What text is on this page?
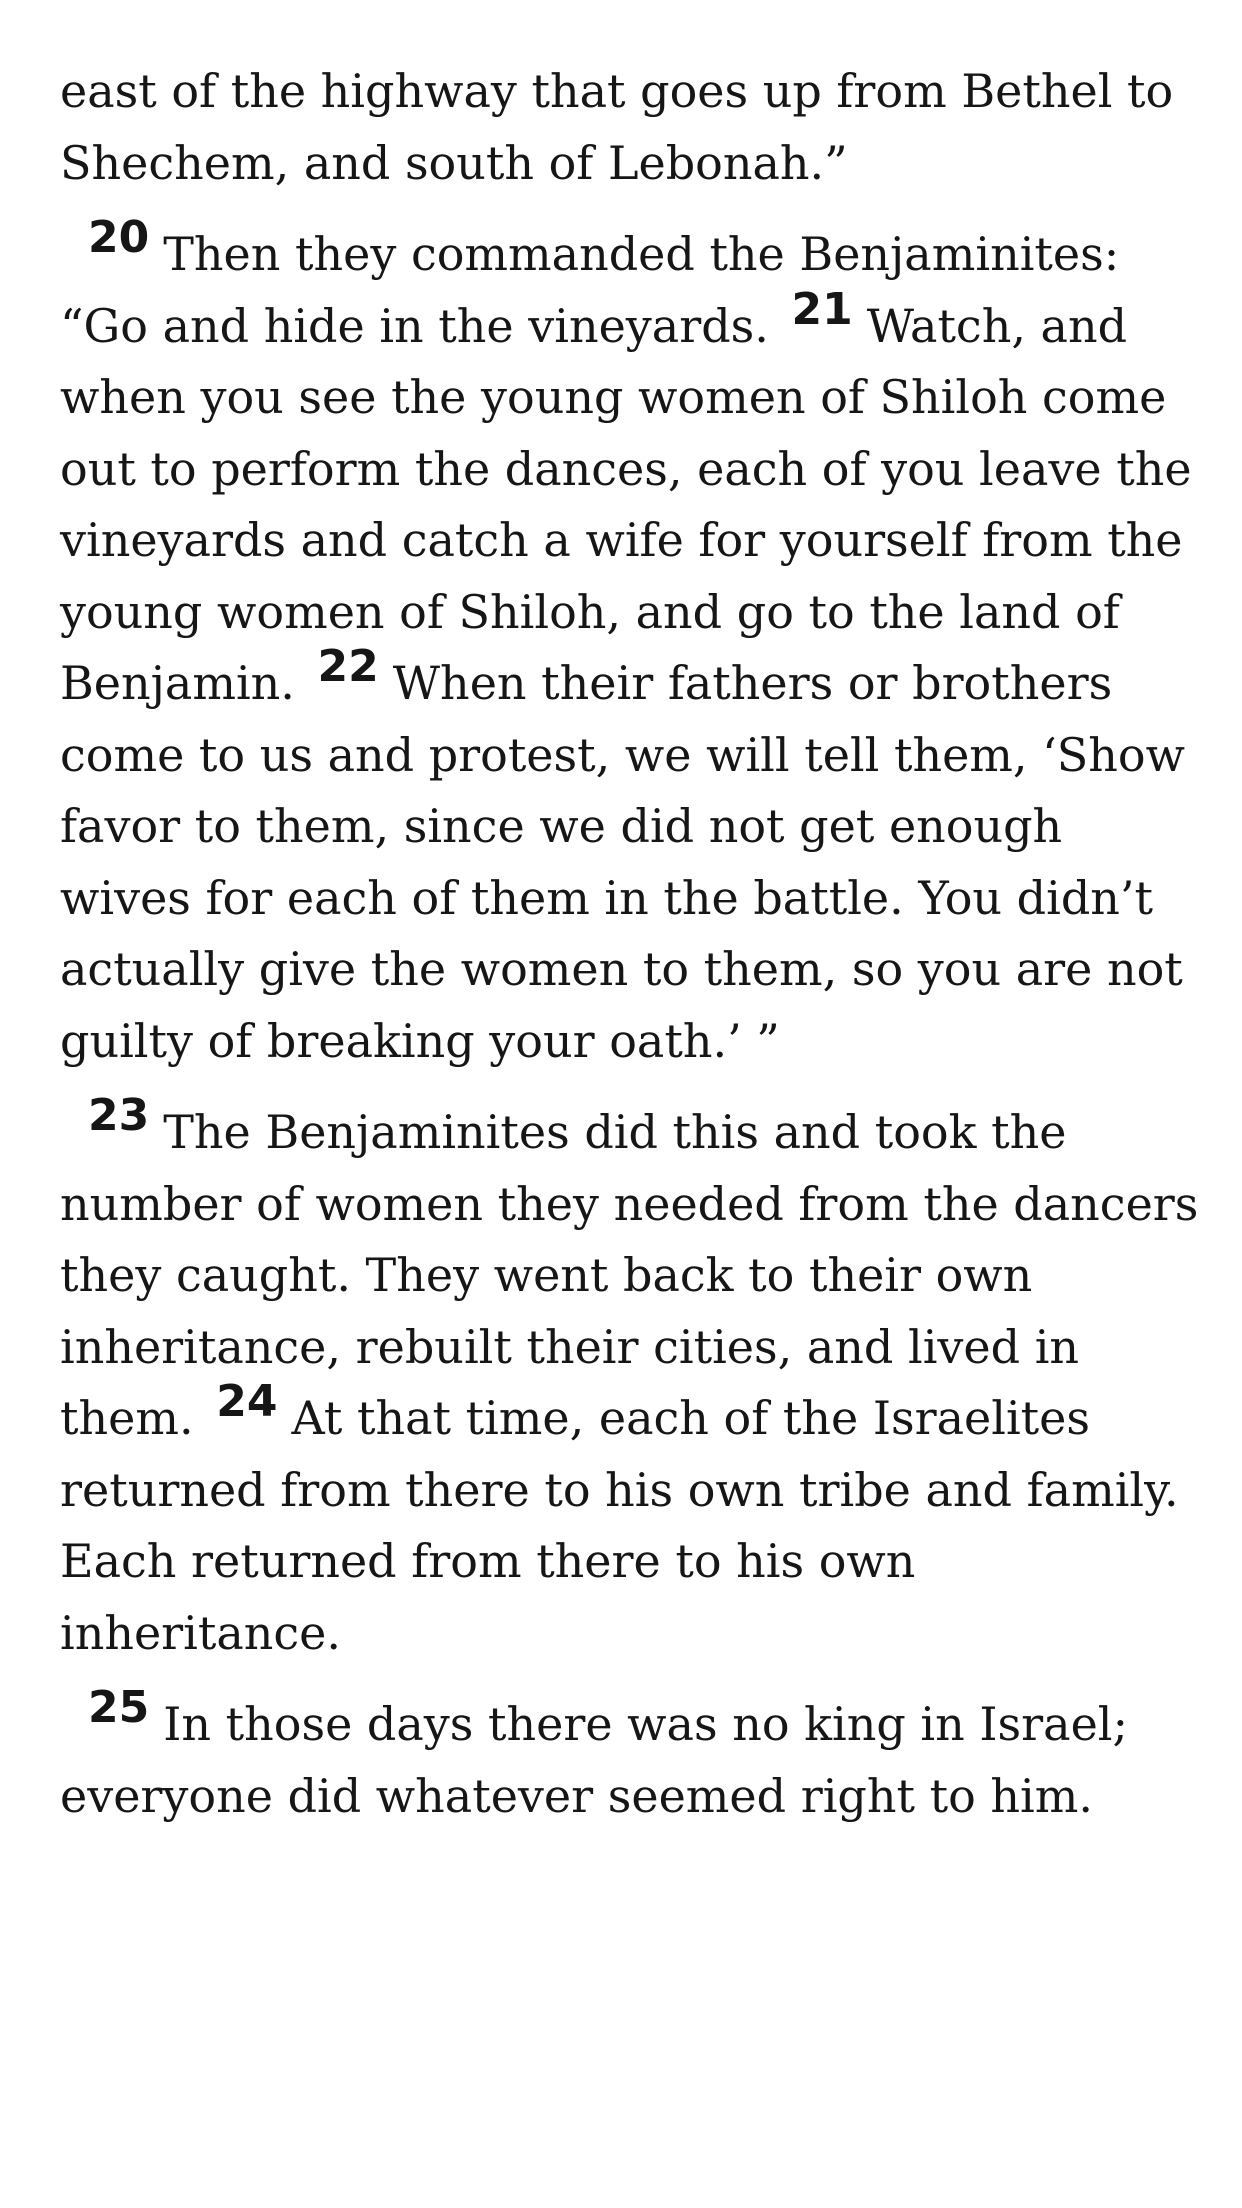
east of the highway that goes up from Bethel to Shechem, and south of Lebonah.”

20 Then they commanded the Benjaminites: “Go and hide in the vineyards. 21 Watch, and when you see the young women of Shiloh come out to perform the dances, each of you leave the vineyards and catch a wife for yourself from the young women of Shiloh, and go to the land of Benjamin. 22 When their fathers or brothers come to us and protest, we will tell them, ‘Show favor to them, since we did not get enough wives for each of them in the battle. You didn’t actually give the women to them, so you are not guilty of breaking your oath.’ ”

23 The Benjaminites did this and took the number of women they needed from the dancers they caught. They went back to their own inheritance, rebuilt their cities, and lived in them. 24 At that time, each of the Israelites returned from there to his own tribe and family. Each returned from there to his own inheritance.

25 In those days there was no king in Israel; everyone did whatever seemed right to him.
